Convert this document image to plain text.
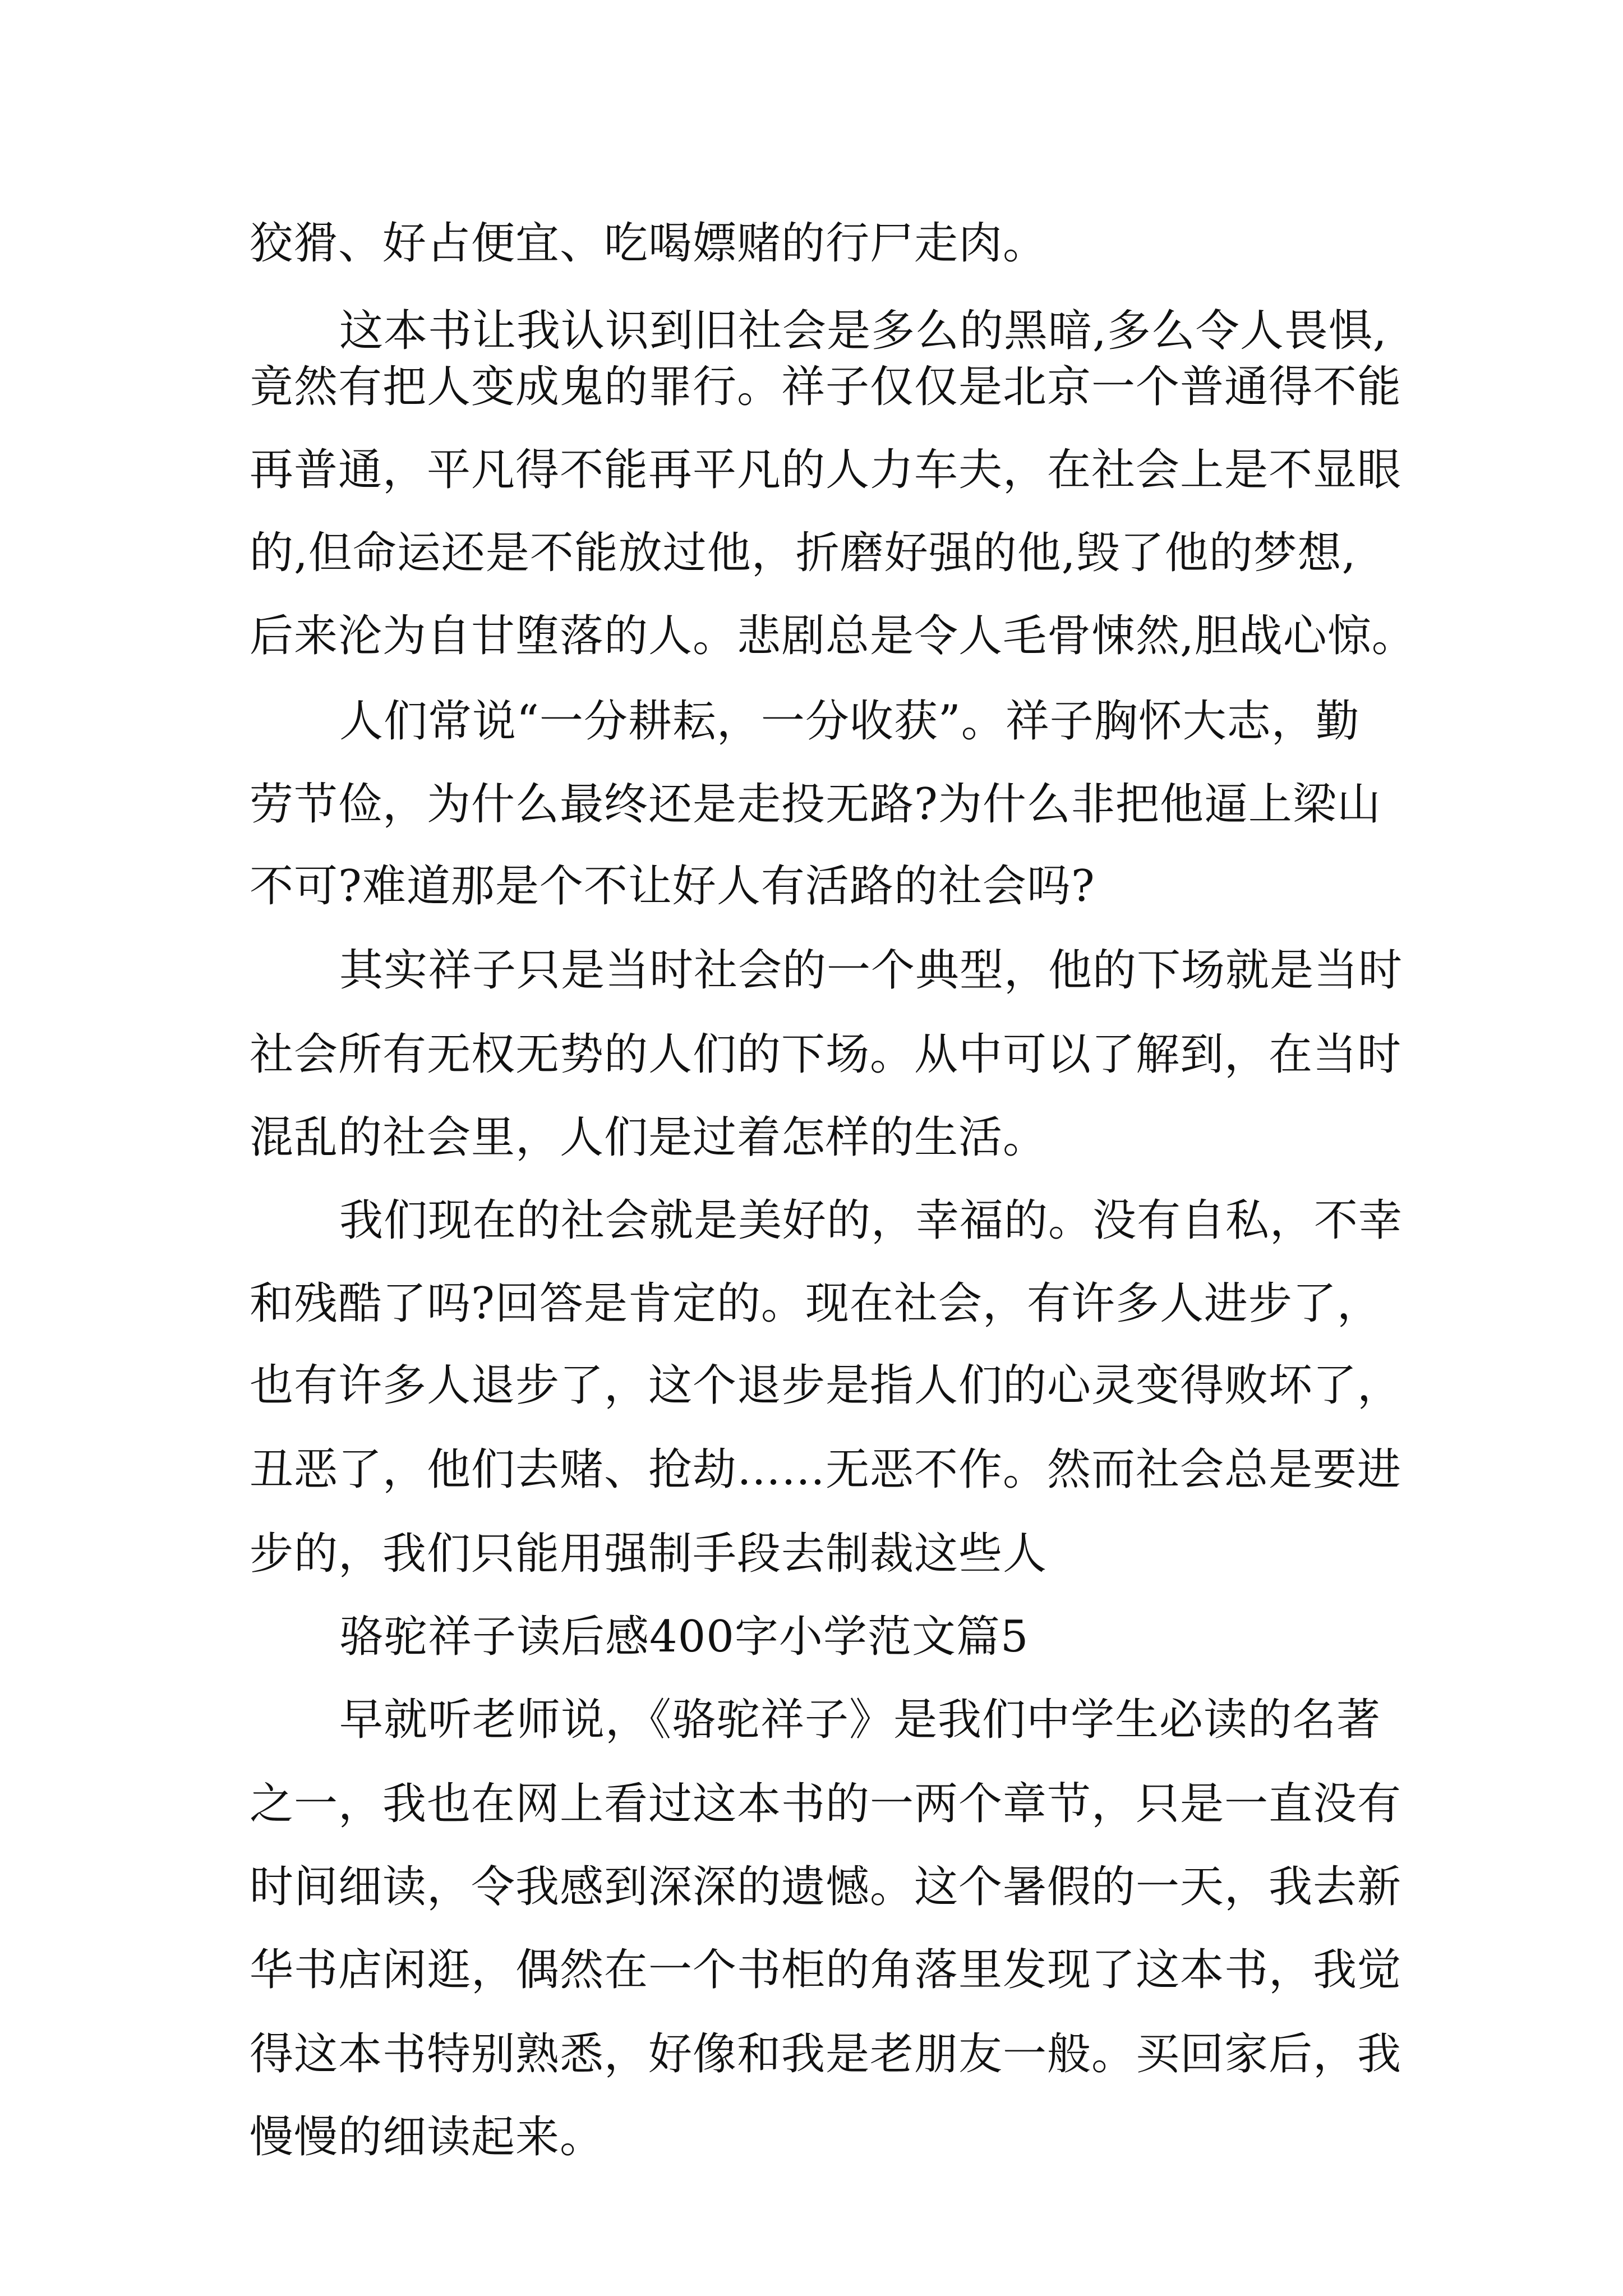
狡猾、好占便宜、吃喝嫖赌的行尸走肉。

这本书让我认识到旧社会是多么的黑暗,多么令人畏惧,

竟然有把人变成鬼的罪行。祥子仅仅是北京一个普通得不能

再普通，平凡得不能再平凡的人力车夫，在社会上是不显眼

的,但命运还是不能放过他，折磨好强的他,毁了他的梦想,

后来沦为自甘堕落的人。悲剧总是令人毛骨悚然,胆战心惊。

人们常说“一分耕耘，一分收获”。祥子胸怀大志，勤

劳节俭，为什么最终还是走投无路?为什么非把他逼上梁山

不可?难道那是个不让好人有活路的社会吗?

其实祥子只是当时社会的一个典型，他的下场就是当时

社会所有无权无势的人们的下场。从中可以了解到，在当时

混乱的社会里，人们是过着怎样的生活。

我们现在的社会就是美好的，幸福的。没有自私，不幸

和残酷了吗?回答是肯定的。现在社会，有许多人进步了，

也有许多人退步了，这个退步是指人们的心灵变得败坏了，

丑恶了，他们去赌、抢劫……无恶不作。然而社会总是要进

步的，我们只能用强制手段去制裁这些人

骆驼祥子读后感400字小学范文篇5

早就听老师说，《骆驼祥子》是我们中学生必读的名著

之一，我也在网上看过这本书的一两个章节，只是一直没有

时间细读，令我感到深深的遗憾。这个暑假的一天，我去新

华书店闲逛，偶然在一个书柜的角落里发现了这本书，我觉

得这本书特别熟悉，好像和我是老朋友一般。买回家后，我

慢慢的细读起来。
